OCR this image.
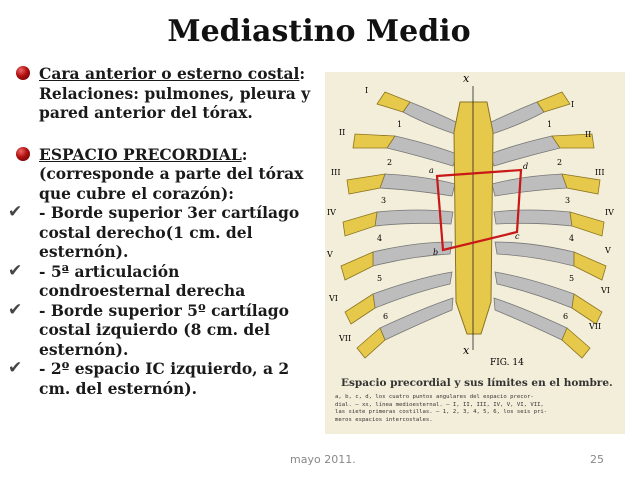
Mediastino Medio
Cara anterior o esterno costal:
Relaciones: pulmones, pleura y
pared anterior del tórax.
ESPACIO PRECORDIAL:
(corresponde a parte del tórax
que cubre el corazón):
✔ - Borde superior 3er cartílago
costal derecho(1 cm. del
esternón).
✔ - 5ª articulación
condroesternal derecha
✔ - Borde superior 5º cartílago
costal izquierdo (8 cm. del
esternón).
✔ - 2º espacio IC izquierdo, a 2
cm. del esternón).
x
x
FIG. 14
Espacio precordial y sus límites en el hombre.
a, b, c, d, los cuatro puntos angulares del espacio precor-
dial. — xx, línea medioesternal. — I, II, III, IV, V, VI, VII,
las siete primeras costillas. — 1, 2, 3, 4, 5, 6, los seis pri-
meros espacios intercostales.
I
II
III
IV
V
VI
VII
I
II
III
IV
V
VI
VII
1
2
3
4
5
6
1
2
3
4
5
6
a
b
c
d
mayo 2011.	25
